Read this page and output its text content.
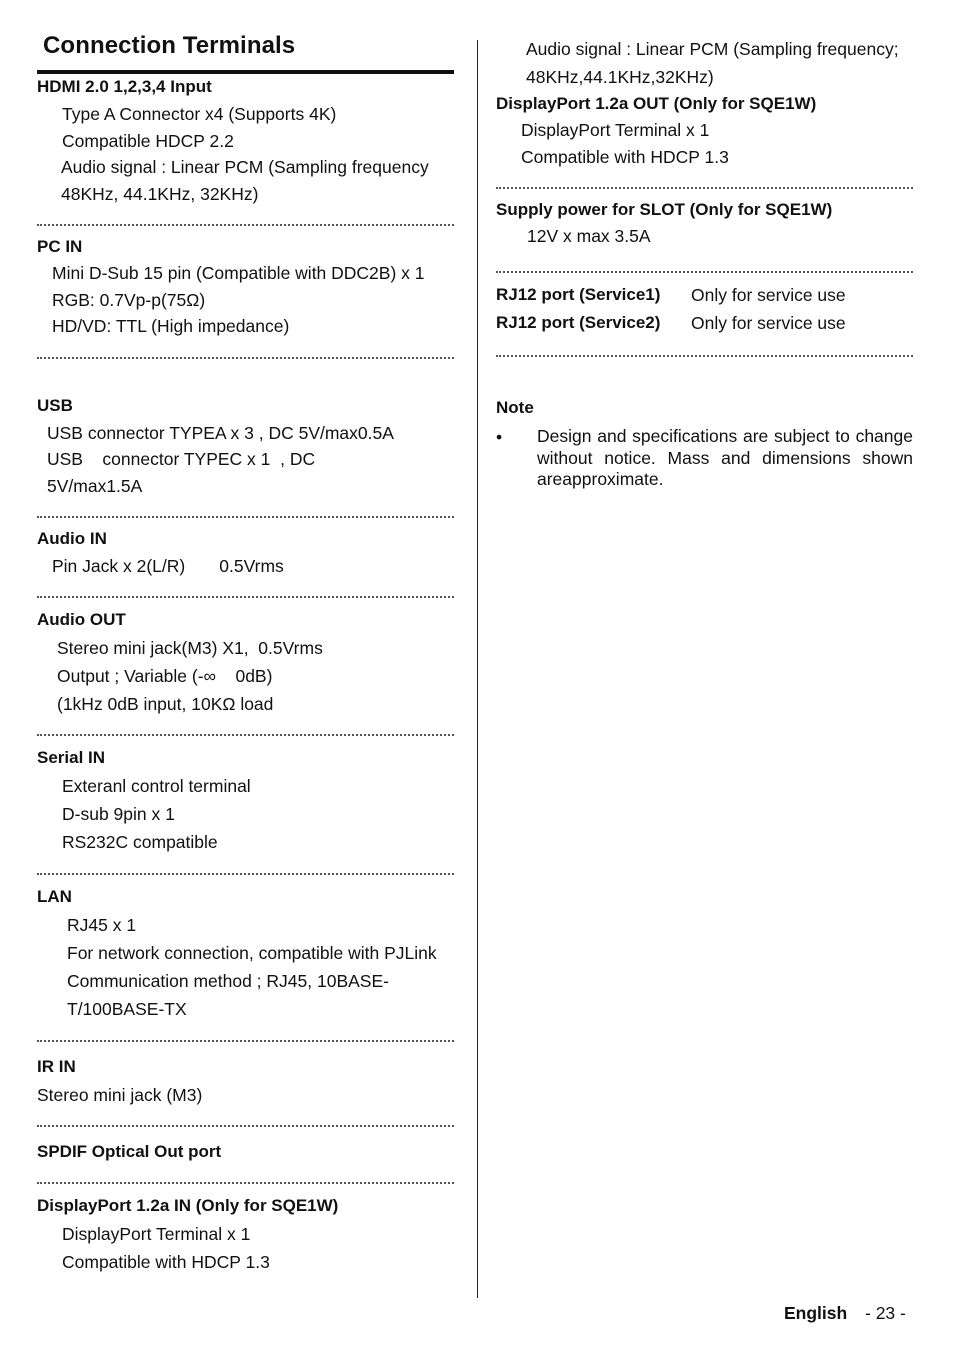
Connection Terminals
HDMI 2.0 1,2,3,4 Input
Type A Connector x4 (Supports 4K)
Compatible HDCP 2.2
Audio signal : Linear PCM (Sampling frequency
48KHz, 44.1KHz, 32KHz)
PC IN
Mini D-Sub 15 pin (Compatible with DDC2B) x 1
RGB: 0.7Vp-p(75Ω)
HD/VD: TTL (High impedance)
USB
USB connector TYPEA x 3 , DC 5V/max0.5A
USB    connector TYPEC x 1  , DC
5V/max1.5A
Audio IN
Pin Jack x 2(L/R)       0.5Vrms
Audio OUT
Stereo mini jack(M3) X1,  0.5Vrms
Output ; Variable (-∞    0dB)
(1kHz 0dB input, 10KΩ load
Serial IN
Exteranl control terminal
D-sub 9pin x 1
RS232C compatible
LAN
RJ45 x 1
For network connection, compatible with PJLink
Communication method ; RJ45, 10BASE-
T/100BASE-TX
IR IN
Stereo mini jack (M3)
SPDIF Optical Out port
DisplayPort 1.2a IN (Only for SQE1W)
DisplayPort Terminal x 1
Compatible with HDCP 1.3
Audio signal : Linear PCM (Sampling frequency;
48KHz,44.1KHz,32KHz)
DisplayPort 1.2a OUT (Only for SQE1W)
DisplayPort Terminal x 1
Compatible with HDCP 1.3
Supply power for SLOT (Only for SQE1W)
12V x max 3.5A
RJ12 port (Service1) Only for service use
RJ12 port (Service2) Only for service use
Note
• Design and specifications are subject to change without notice. Mass and dimensions shown areapproximate.
English - 23 -
